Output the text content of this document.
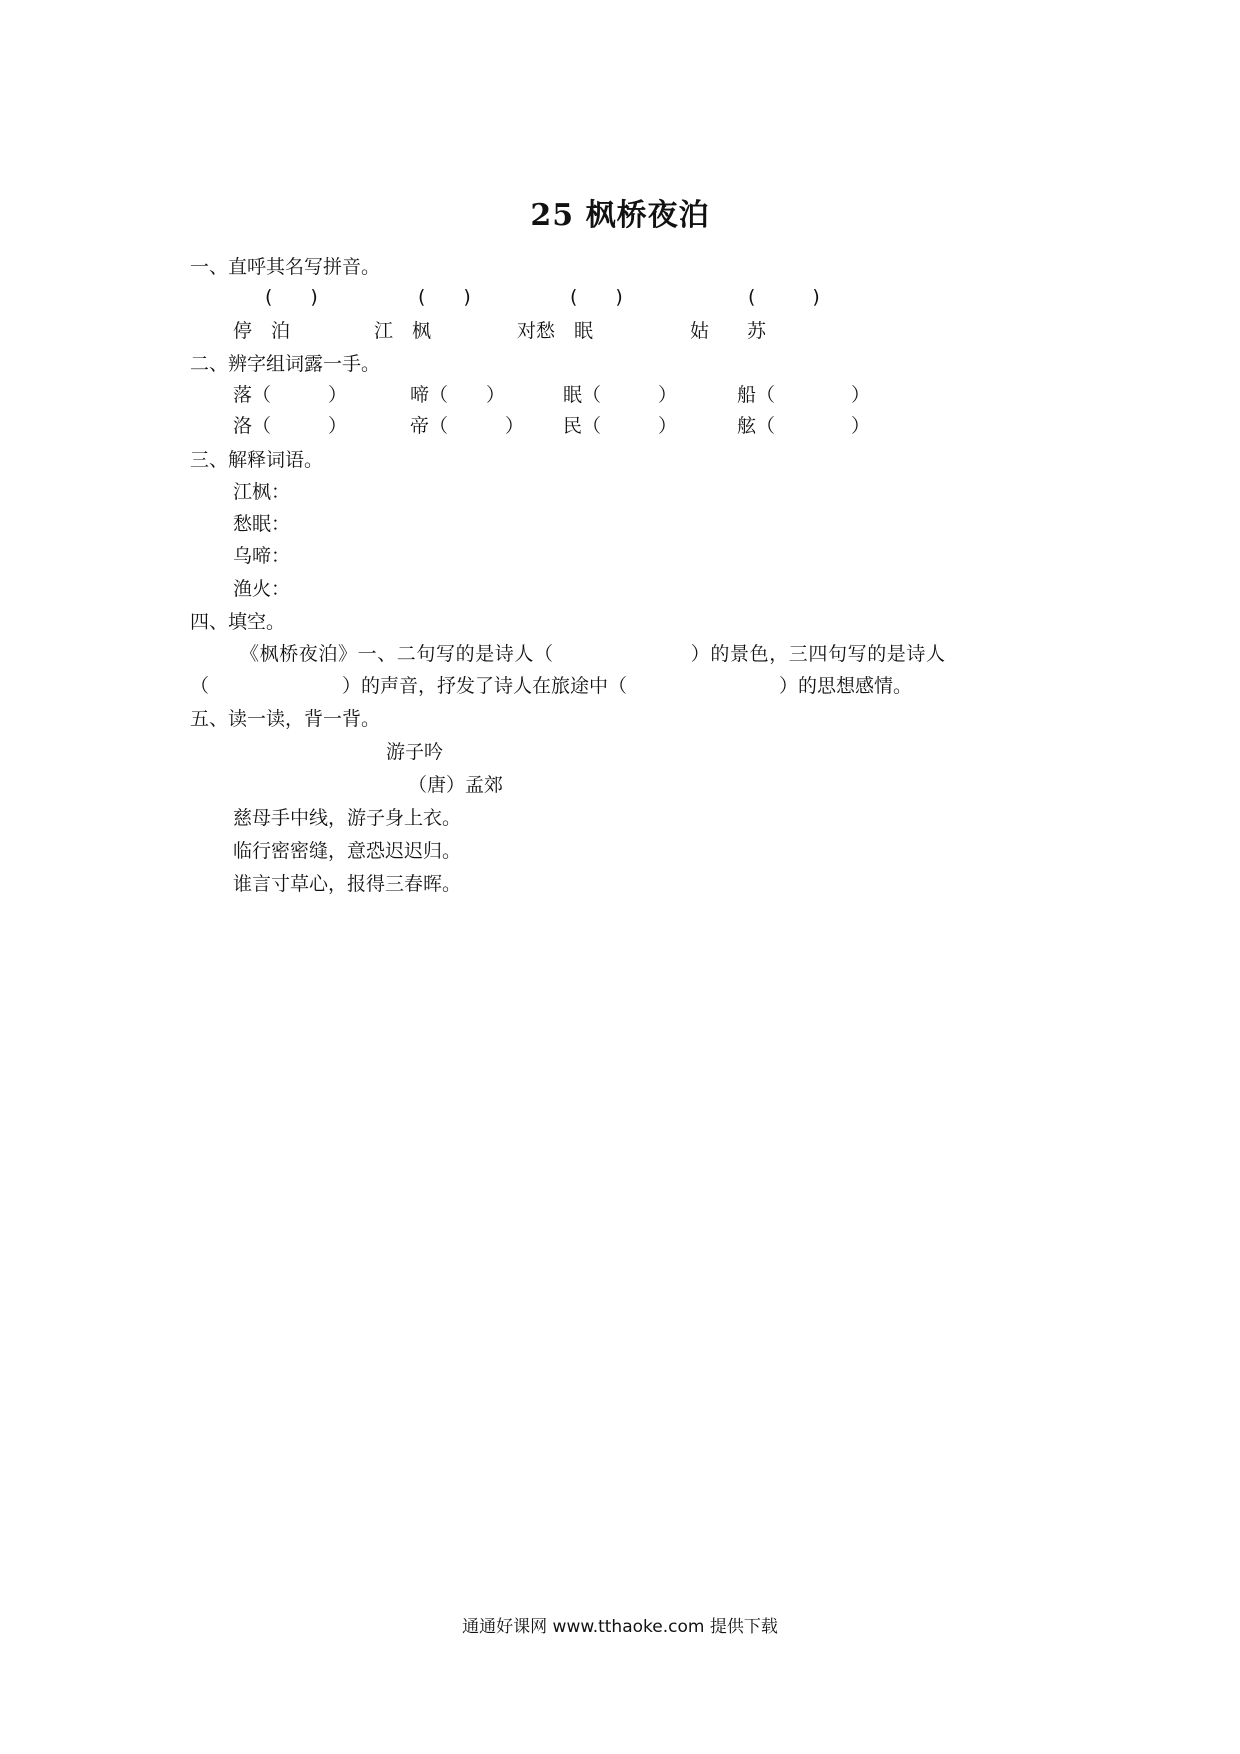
25 枫桥夜泊
一、直呼其名写拼音。
(　　)	(　　)	(　　)	(　　　)
停　泊	江　枫	对愁　眠	姑　　苏
二、辨字组词露一手。
落（　　　）	啼（　　）	眠（　　　）	船（　　　　）
洛（　　　）	帝（　　　） 民（　　　）	舷（　　　　）
三、解释词语。
江枫：
愁眠：
乌啼：
渔火：
四、填空。
《枫桥夜泊》一、二句写的是诗人（　　　　　　　）的景色，三四句写的是诗人
（　　　　　　　）的声音，抒发了诗人在旅途中（　　　　　　　　）的思想感情。
五、读一读，背一背。
游子吟
（唐）孟郊
慈母手中线，游子身上衣。
临行密密缝，意恐迟迟归。
谁言寸草心，报得三春晖。
通通好课网 www.tthaoke.com 提供下载
